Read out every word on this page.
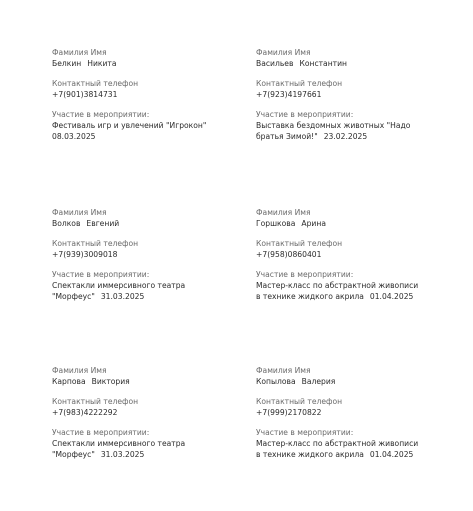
Фамилия Имя
Белкин Никита
Контактный телефон
+7(901)3814731
Участие в мероприятии:
Фестиваль игр и увлечений "Игрокон"
08.03.2025
Фамилия Имя
Васильев Константин
Контактный телефон
+7(923)4197661
Участие в мероприятии:
Выставка бездомных животных "Надо
братья Зимой!" 23.02.2025
Фамилия Имя
Волков Евгений
Контактный телефон
+7(939)3009018
Участие в мероприятии:
Спектакли иммерсивного театра
"Морфеус" 31.03.2025
Фамилия Имя
Горшкова Арина
Контактный телефон
+7(958)0860401
Участие в мероприятии:
Мастер-класс по абстрактной живописи
в технике жидкого акрила 01.04.2025
Фамилия Имя
Карпова Виктория
Контактный телефон
+7(983)4222292
Участие в мероприятии:
Спектакли иммерсивного театра
"Морфеус" 31.03.2025
Фамилия Имя
Копылова Валерия
Контактный телефон
+7(999)2170822
Участие в мероприятии:
Мастер-класс по абстрактной живописи
в технике жидкого акрила 01.04.2025
